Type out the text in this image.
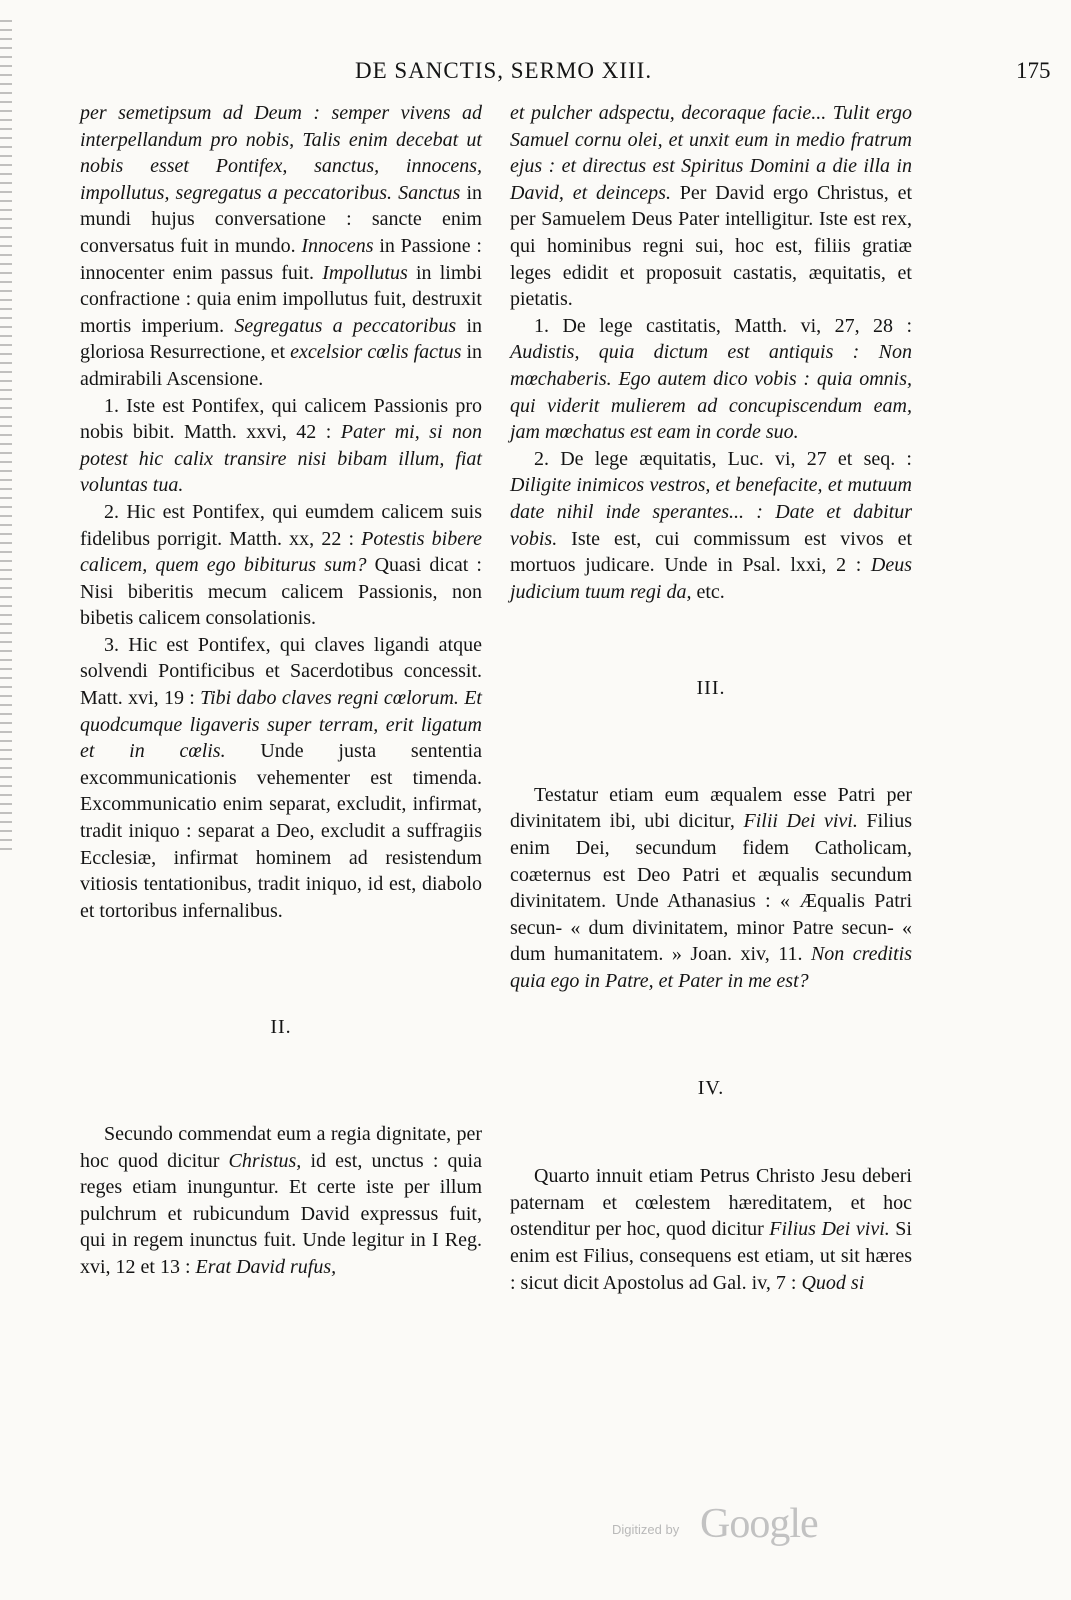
DE SANCTIS, SERMO XIII.	175

per semetipsum ad Deum : semper vivens ad interpellandum pro nobis, Talis enim decebat ut nobis esset Pontifex, sanctus, innocens, impollutus, segregatus a peccatoribus. Sanctus in mundi hujus conversatione : sancte enim conversatus fuit in mundo. Innocens in Passione : innocenter enim passus fuit. Impollutus in limbi confractione : quia enim impollutus fuit, destruxit mortis imperium. Segregatus a peccatoribus in gloriosa Resurrectione, et excelsior cœlis factus in admirabili Ascensione.

1. Iste est Pontifex, qui calicem Passionis pro nobis bibit. Matth. xxvi, 42 : Pater mi, si non potest hic calix transire nisi bibam illum, fiat voluntas tua.

2. Hic est Pontifex, qui eumdem calicem suis fidelibus porrigit. Matth. xx, 22 : Potestis bibere calicem, quem ego bibiturus sum? Quasi dicat : Nisi biberitis mecum calicem Passionis, non bibetis calicem consolationis.

3. Hic est Pontifex, qui claves ligandi atque solvendi Pontificibus et Sacerdotibus concessit. Matt. xvi, 19 : Tibi dabo claves regni cœlorum. Et quodcumque ligaveris super terram, erit ligatum et in cœlis. Unde justa sententia excommunicationis vehementer est timenda. Excommunicatio enim separat, excludit, infirmat, tradit iniquo : separat a Deo, excludit a suffragiis Ecclesiæ, infirmat hominem ad resistendum vitiosis tentationibus, tradit iniquo, id est, diabolo et tortoribus infernalibus.

II.

Secundo commendat eum a regia dignitate, per hoc quod dicitur Christus, id est, unctus : quia reges etiam inunguntur. Et certe iste per illum pulchrum et rubicundum David expressus fuit, qui in regem inunctus fuit. Unde legitur in I Reg. xvi, 12 et 13 : Erat David rufus,

et pulcher adspectu, decoraque facie... Tulit ergo Samuel cornu olei, et unxit eum in medio fratrum ejus : et directus est Spiritus Domini a die illa in David, et deinceps. Per David ergo Christus, et per Samuelem Deus Pater intelligitur. Iste est rex, qui hominibus regni sui, hoc est, filiis gratiæ leges edidit et proposuit castatis, æquitatis, et pietatis.

1. De lege castitatis, Matth. vi, 27, 28 : Audistis, quia dictum est antiquis : Non mœchaberis. Ego autem dico vobis : quia omnis, qui viderit mulierem ad concupiscendum eam, jam mœchatus est eam in corde suo.

2. De lege æquitatis, Luc. vi, 27 et seq. : Diligite inimicos vestros, et benefacite, et mutuum date nihil inde sperantes... : Date et dabitur vobis. Iste est, cui commissum est vivos et mortuos judicare. Unde in Psal. lxxi, 2 : Deus judicium tuum regi da, etc.

III.

Testatur etiam eum æqualem esse Patri per divinitatem ibi, ubi dicitur, Filii Dei vivi. Filius enim Dei, secundum fidem Catholicam, coæternus est Deo Patri et æqualis secundum divinitatem. Unde Athanasius : « Æqualis Patri secun- « dum divinitatem, minor Patre secun- « dum humanitatem. » Joan. xiv, 11. Non creditis quia ego in Patre, et Pater in me est?

IV.

Quarto innuit etiam Petrus Christo Jesu deberi paternam et cœlestem hæreditatem, et hoc ostenditur per hoc, quod dicitur Filius Dei vivi. Si enim est Filius, consequens est etiam, ut sit hæres : sicut dicit Apostolus ad Gal. iv, 7 : Quod si

Digitized by Google
